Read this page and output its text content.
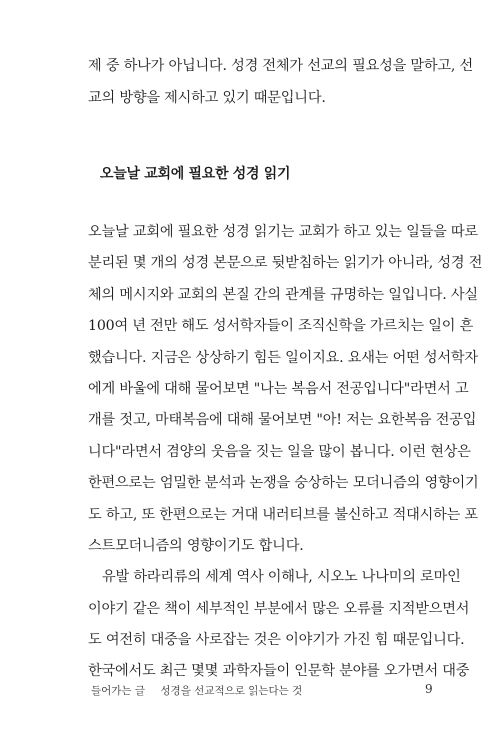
제 중 하나가 아닙니다. 성경 전체가 선교의 필요성을 말하고, 선
교의 방향을 제시하고 있기 때문입니다.
오늘날 교회에 필요한 성경 읽기
오늘날 교회에 필요한 성경 읽기는 교회가 하고 있는 일들을 따로
분리된 몇 개의 성경 본문으로 뒷받침하는 읽기가 아니라, 성경 전
체의 메시지와 교회의 본질 간의 관계를 규명하는 일입니다. 사실
100여 년 전만 해도 성서학자들이 조직신학을 가르치는 일이 흔
했습니다. 지금은 상상하기 힘든 일이지요. 요새는 어떤 성서학자
에게 바울에 대해 물어보면 "나는 복음서 전공입니다"라면서 고
개를 젓고, 마태복음에 대해 물어보면 "아! 저는 요한복음 전공입
니다"라면서 겸양의 웃음을 짓는 일을 많이 봅니다. 이런 현상은
한편으로는 엄밀한 분석과 논쟁을 숭상하는 모더니즘의 영향이기
도 하고, 또 한편으로는 거대 내러티브를 불신하고 적대시하는 포
스트모더니즘의 영향이기도 합니다.
유발 하라리류의 세계 역사 이해나, 시오노 나나미의 로마인
이야기 같은 책이 세부적인 부분에서 많은 오류를 지적받으면서
도 여전히 대중을 사로잡는 것은 이야기가 가진 힘 때문입니다.
한국에서도 최근 몇몇 과학자들이 인문학 분야를 오가면서 대중
들어가는 글 성경을 선교적으로 읽는다는 것	9
